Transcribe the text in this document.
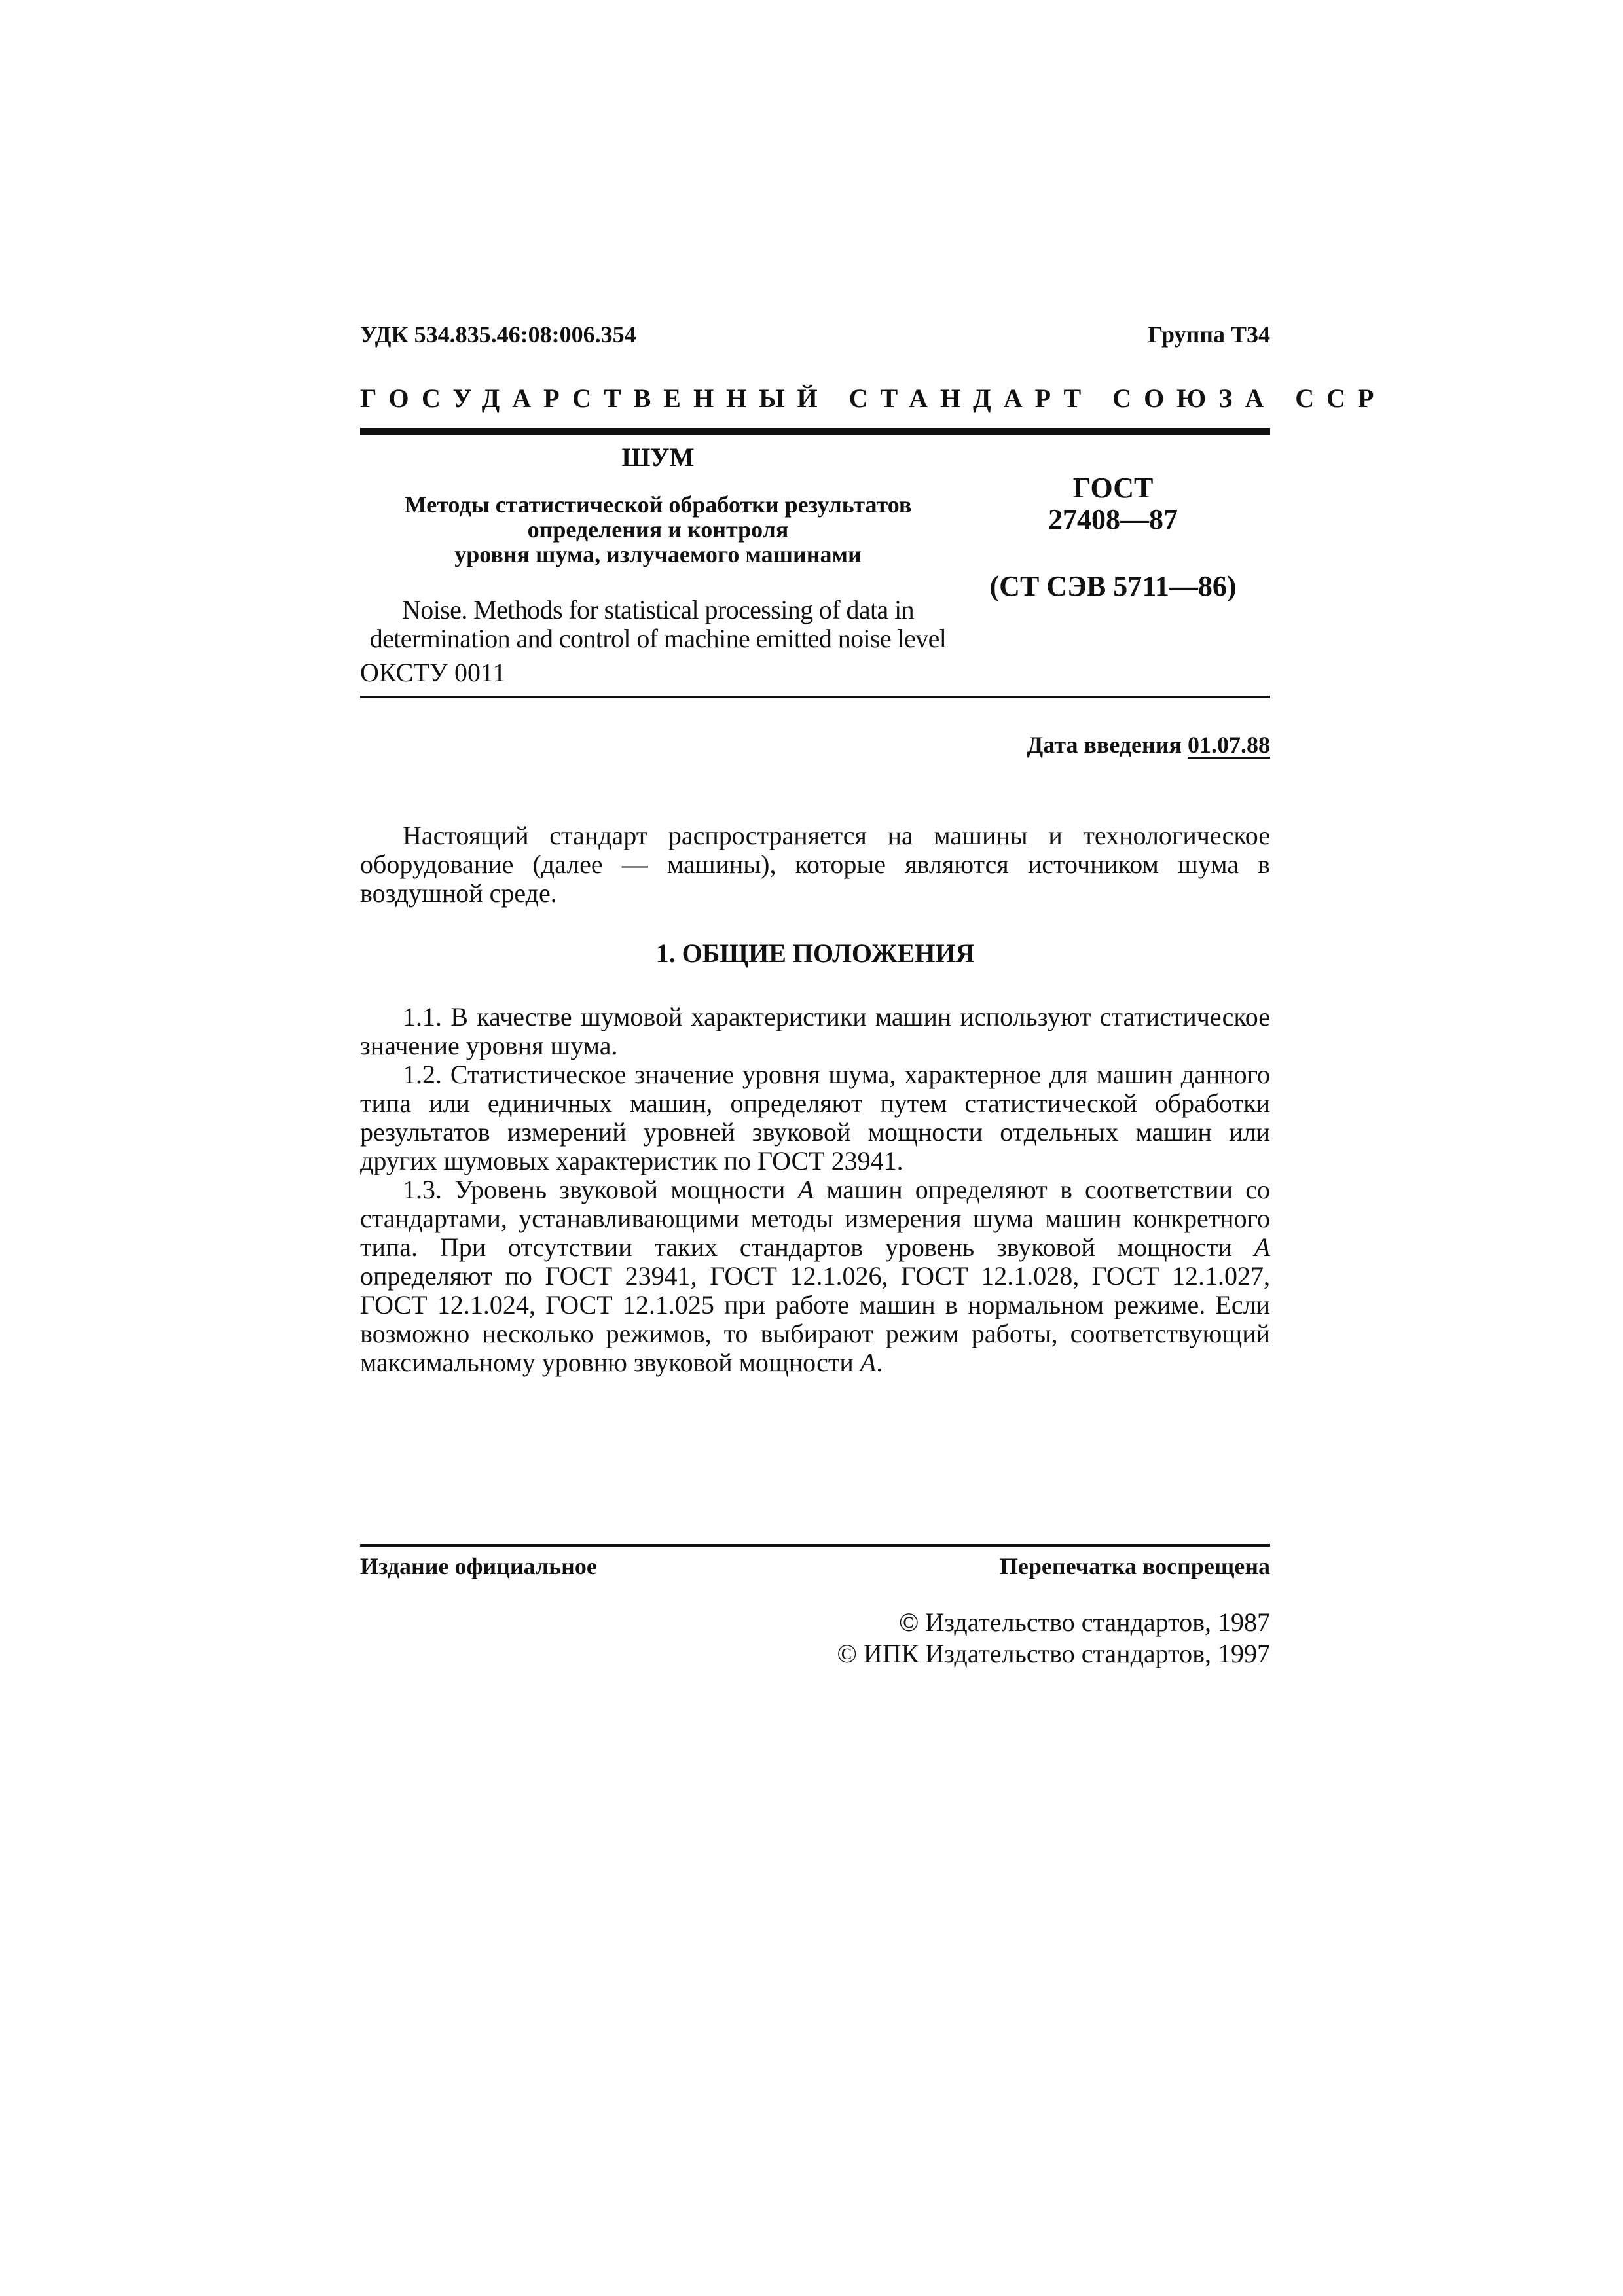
УДК 534.835.46:08:006.354	Группа Т34
ГОСУДАРСТВЕННЫЙ СТАНДАРТ СОЮЗА ССР
ШУМ
Методы статистической обработки результатов
определения и контроля
уровня шума, излучаемого машинами
Noise. Methods for statistical processing of data in
determination and control of machine emitted noise level
ОКСТУ 0011
ГОСТ
27408—87
(СТ СЭВ 5711—86)
Дата введения 01.07.88

Настоящий стандарт распространяется на машины и технологическое оборудование (далее — машины), которые являются источником шума в воздушной среде.

1. ОБЩИЕ ПОЛОЖЕНИЯ

1.1. В качестве шумовой характеристики машин используют статистическое значение уровня шума.

1.2. Статистическое значение уровня шума, характерное для машин данного типа или единичных машин, определяют путем статистической обработки результатов измерений уровней звуковой мощности отдельных машин или других шумовых характеристик по ГОСТ 23941.

1.3. Уровень звуковой мощности A машин определяют в соответствии со стандартами, устанавливающими методы измерения шума машин конкретного типа. При отсутствии таких стандартов уровень звуковой мощности A определяют по ГОСТ 23941, ГОСТ 12.1.026, ГОСТ 12.1.028, ГОСТ 12.1.027, ГОСТ 12.1.024, ГОСТ 12.1.025 при работе машин в нормальном режиме. Если возможно несколько режимов, то выбирают режим работы, соответствующий максимальному уровню звуковой мощности A.

Издание официальное	Перепечатка воспрещена
© Издательство стандартов, 1987
© ИПК Издательство стандартов, 1997
